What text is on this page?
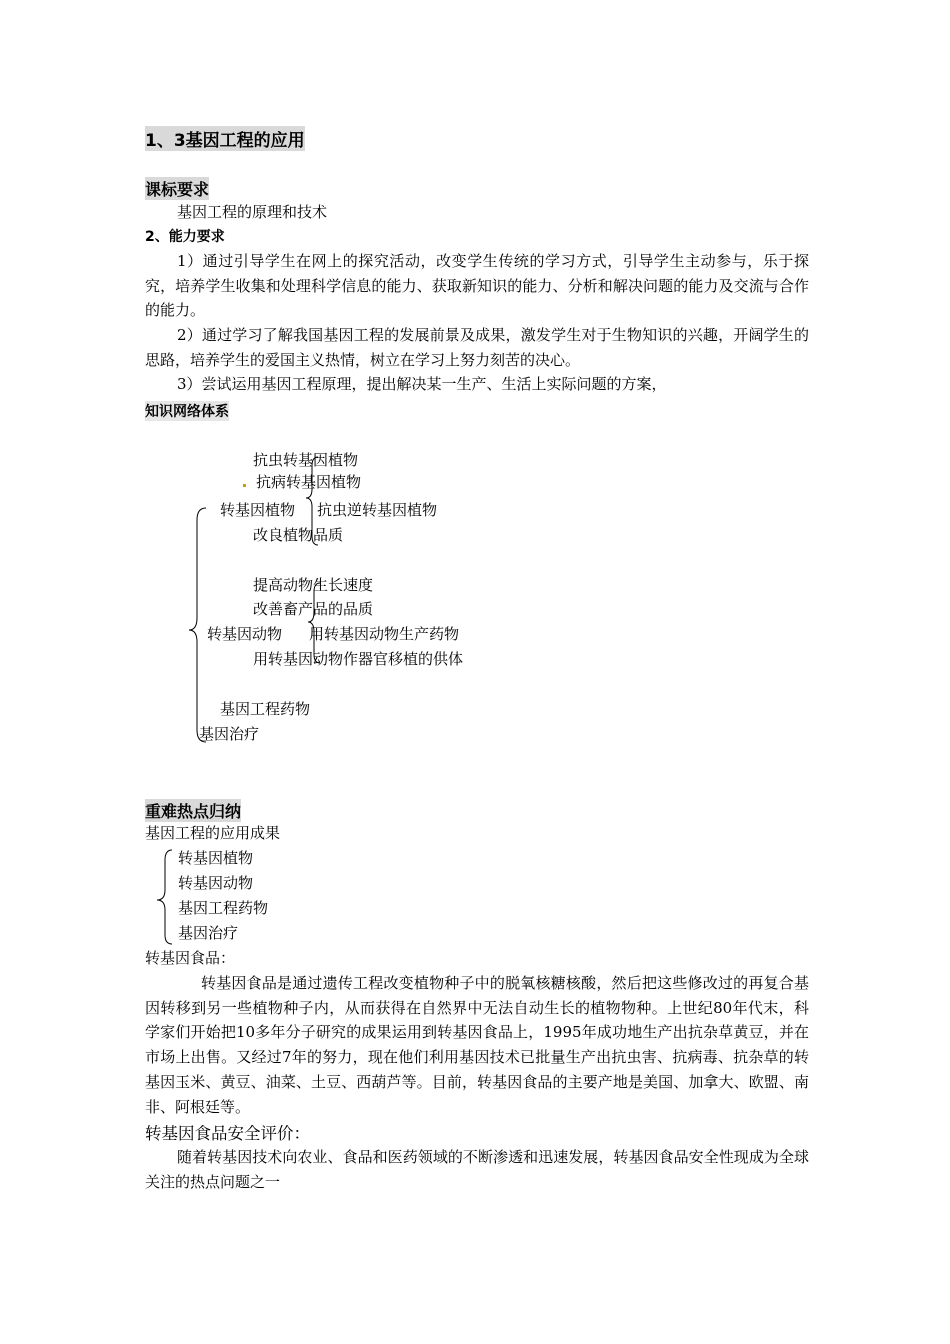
1、3基因工程的应用
课标要求
基因工程的原理和技术
2、能力要求
1）通过引导学生在网上的探究活动，改变学生传统的学习方式，引导学生主动参与，乐于探究，培养学生收集和处理科学信息的能力、获取新知识的能力、分析和解决问题的能力及交流与合作的能力。
2）通过学习了解我国基因工程的发展前景及成果，激发学生对于生物知识的兴趣，开阔学生的思路，培养学生的爱国主义热情，树立在学习上努力刻苦的决心。
3）尝试运用基因工程原理，提出解决某一生产、生活上实际问题的方案，
知识网络体系
转基因植物
抗虫转基因植物
抗病转基因植物
抗虫逆转基因植物
改良植物品质
转基因动物
提高动物生长速度
改善畜产品的品质
用转基因动物生产药物
用转基因动物作器官移植的供体
基因工程药物
基因治疗
重难热点归纳
基因工程的应用成果
转基因植物
转基因动物
基因工程药物
基因治疗
转基因食品：
转基因食品是通过遗传工程改变植物种子中的脱氧核糖核酸，然后把这些修改过的再复合基因转移到另一些植物种子内，从而获得在自然界中无法自动生长的植物物种。上世纪80年代末，科学家们开始把10多年分子研究的成果运用到转基因食品上，1995年成功地生产出抗杂草黄豆，并在市场上出售。又经过7年的努力，现在他们利用基因技术已批量生产出抗虫害、抗病毒、抗杂草的转基因玉米、黄豆、油菜、土豆、西葫芦等。目前，转基因食品的主要产地是美国、加拿大、欧盟、南非、阿根廷等。
转基因食品安全评价：
随着转基因技术向农业、食品和医药领域的不断渗透和迅速发展，转基因食品安全性现成为全球关注的热点问题之一
